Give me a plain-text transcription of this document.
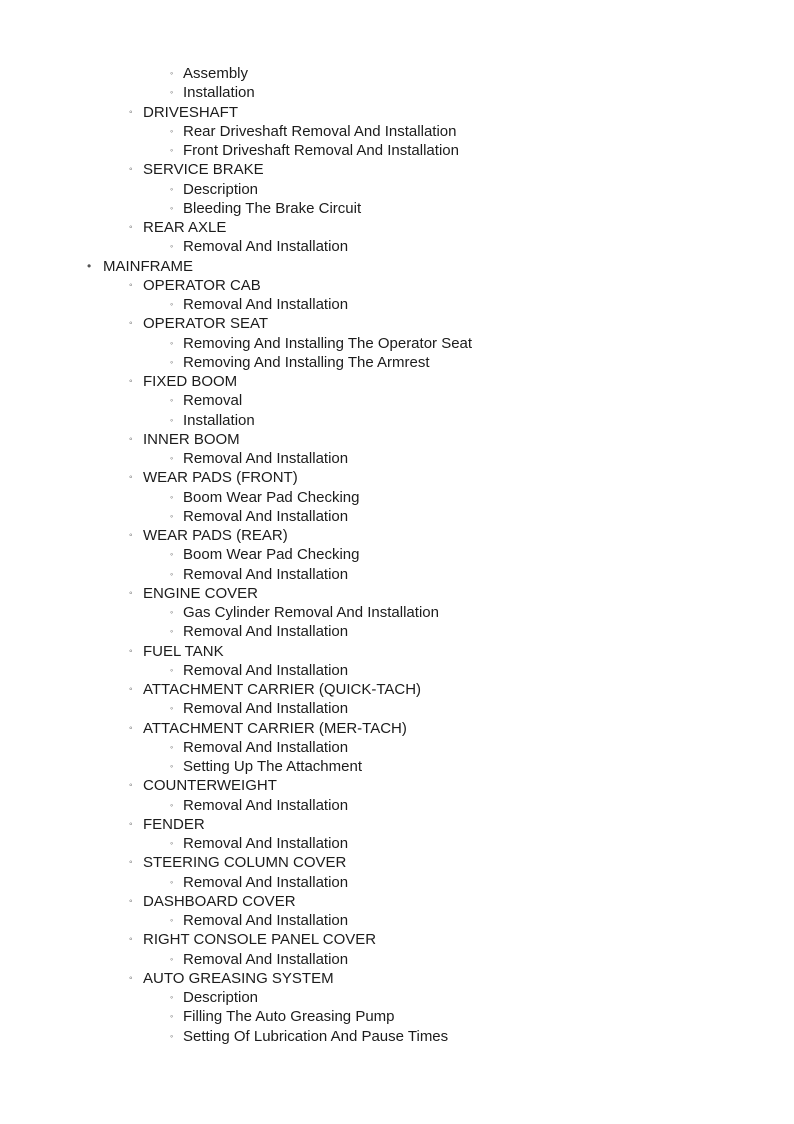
◦ Assembly
◦ Installation
◦ DRIVESHAFT
◦ Rear Driveshaft Removal And Installation
◦ Front Driveshaft Removal And Installation
◦ SERVICE BRAKE
◦ Description
◦ Bleeding The Brake Circuit
◦ REAR AXLE
◦ Removal And Installation
• MAINFRAME
◦ OPERATOR CAB
◦ Removal And Installation
◦ OPERATOR SEAT
◦ Removing And Installing The Operator Seat
◦ Removing And Installing The Armrest
◦ FIXED BOOM
◦ Removal
◦ Installation
◦ INNER BOOM
◦ Removal And Installation
◦ WEAR PADS (FRONT)
◦ Boom Wear Pad Checking
◦ Removal And Installation
◦ WEAR PADS (REAR)
◦ Boom Wear Pad Checking
◦ Removal And Installation
◦ ENGINE COVER
◦ Gas Cylinder Removal And Installation
◦ Removal And Installation
◦ FUEL TANK
◦ Removal And Installation
◦ ATTACHMENT CARRIER (QUICK-TACH)
◦ Removal And Installation
◦ ATTACHMENT CARRIER (MER-TACH)
◦ Removal And Installation
◦ Setting Up The Attachment
◦ COUNTERWEIGHT
◦ Removal And Installation
◦ FENDER
◦ Removal And Installation
◦ STEERING COLUMN COVER
◦ Removal And Installation
◦ DASHBOARD COVER
◦ Removal And Installation
◦ RIGHT CONSOLE PANEL COVER
◦ Removal And Installation
◦ AUTO GREASING SYSTEM
◦ Description
◦ Filling The Auto Greasing Pump
◦ Setting Of Lubrication And Pause Times
